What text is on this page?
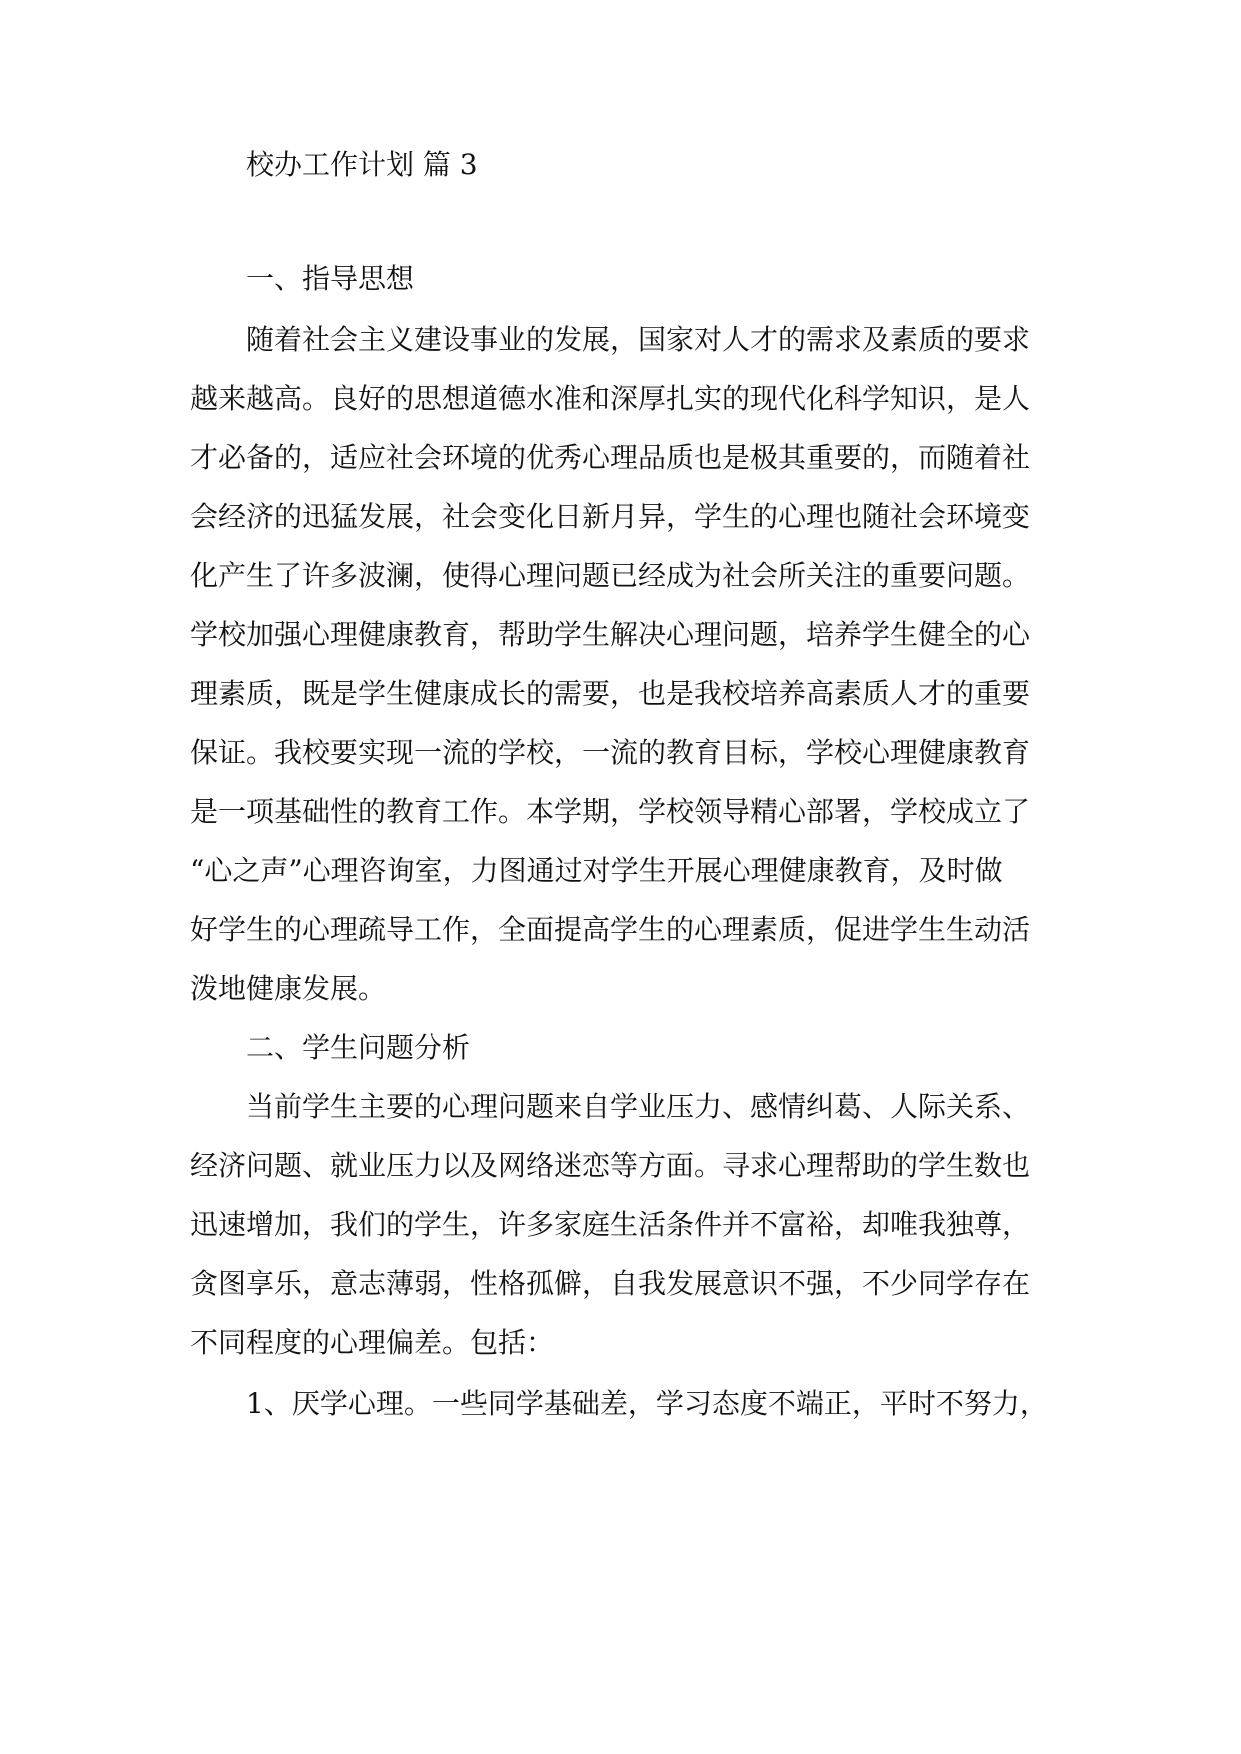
校办工作计划 篇 3
一、指导思想
随着社会主义建设事业的发展，国家对人才的需求及素质的要求
越来越高。良好的思想道德水准和深厚扎实的现代化科学知识，是人
才必备的，适应社会环境的优秀心理品质也是极其重要的，而随着社
会经济的迅猛发展，社会变化日新月异，学生的心理也随社会环境变
化产生了许多波澜，使得心理问题已经成为社会所关注的重要问题。
学校加强心理健康教育，帮助学生解决心理问题，培养学生健全的心
理素质，既是学生健康成长的需要，也是我校培养高素质人才的重要
保证。我校要实现一流的学校，一流的教育目标，学校心理健康教育
是一项基础性的教育工作。本学期，学校领导精心部署，学校成立了
“心之声”心理咨询室，力图通过对学生开展心理健康教育，及时做
好学生的心理疏导工作，全面提高学生的心理素质，促进学生生动活
泼地健康发展。
二、学生问题分析
当前学生主要的心理问题来自学业压力、感情纠葛、人际关系、
经济问题、就业压力以及网络迷恋等方面。寻求心理帮助的学生数也
迅速增加，我们的学生，许多家庭生活条件并不富裕，却唯我独尊，
贪图享乐，意志薄弱，性格孤僻，自我发展意识不强，不少同学存在
不同程度的心理偏差。包括：
1、厌学心理。一些同学基础差，学习态度不端正，平时不努力，
